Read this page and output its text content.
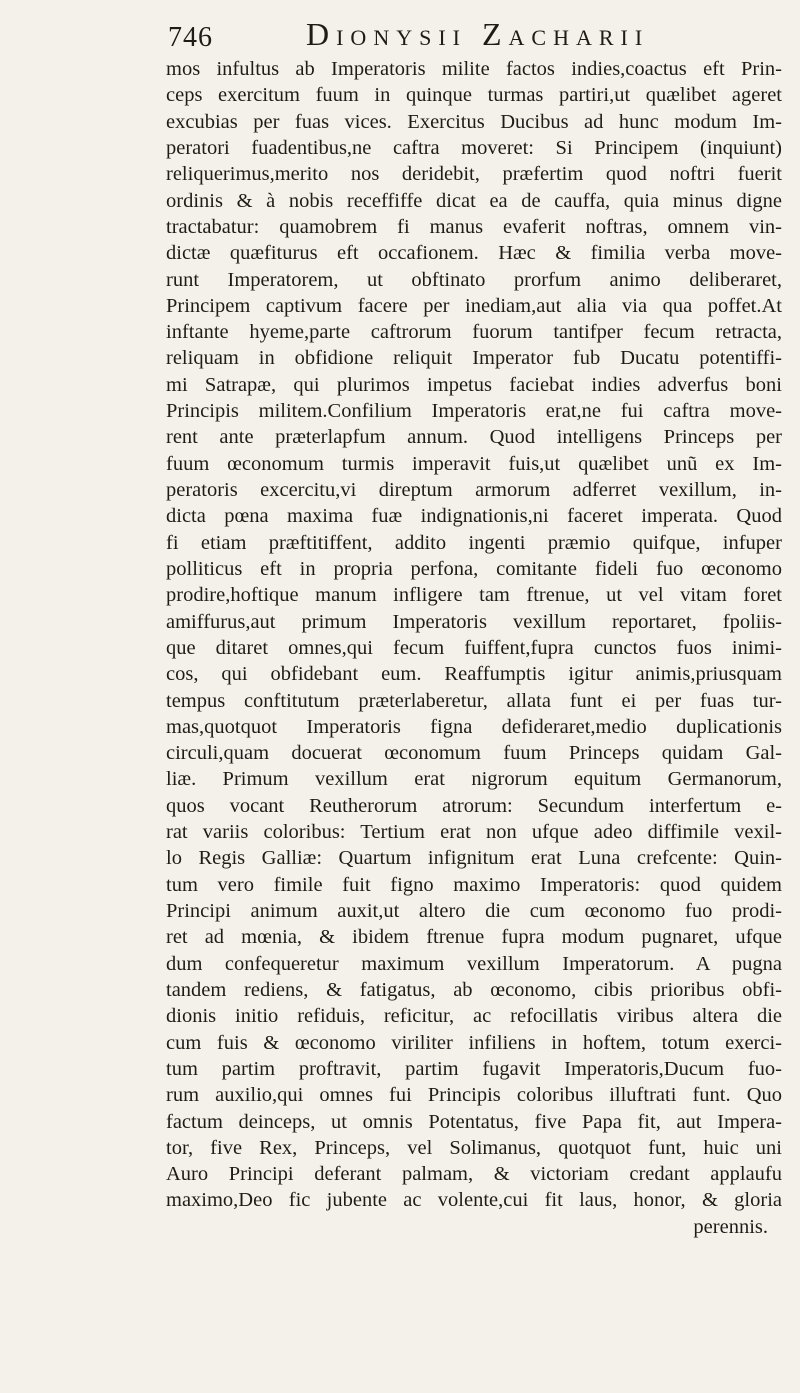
746	Dionysii Zacharii
mos infultus ab Imperatoris milite factos indies,coactus eft Prin-
ceps exercitum fuum in quinque turmas partiri,ut quælibet ageret
excubias per fuas vices. Exercitus Ducibus ad hunc modum Im-
peratori fuadentibus,ne caftra moveret: Si Principem (inquiunt)
reliquerimus,merito nos deridebit, præfertim quod noftri fuerit
ordinis & à nobis receffiffe dicat ea de cauffa, quia minus digne
tractabatur: quamobrem fi manus evaferit noftras, omnem vin-
dictæ quæfiturus eft occafionem. Hæc & fimilia verba move-
runt Imperatorem, ut obftinato prorfum animo deliberaret,
Principem captivum facere per inediam,aut alia via qua poffet.At
inftante hyeme,parte caftrorum fuorum tantifper fecum retracta,
reliquam in obfidione reliquit Imperator fub Ducatu potentiffi-
mi Satrapæ, qui plurimos impetus faciebat indies adverfus boni
Principis militem.Confilium Imperatoris erat,ne fui caftra move-
rent ante præterlapfum annum. Quod intelligens Princeps per
fuum œconomum turmis imperavit fuis,ut quælibet unũ ex Im-
peratoris excercitu,vi direptum armorum adferret vexillum, in-
dicta pœna maxima fuæ indignationis,ni faceret imperata. Quod
fi etiam præftitiffent, addito ingenti præmio quifque, infuper
polliticus eft in propria perfona, comitante fideli fuo œconomo
prodire,hoftique manum infligere tam ftrenue, ut vel vitam foret
amiffurus,aut primum Imperatoris vexillum reportaret, fpoliis-
que ditaret omnes,qui fecum fuiffent,fupra cunctos fuos inimi-
cos, qui obfidebant eum. Reaffumptis igitur animis,priusquam
tempus conftitutum præterlaberetur, allata funt ei per fuas tur-
mas,quotquot Imperatoris figna defideraret,medio duplicationis
circuli,quam docuerat œconomum fuum Princeps quidam Gal-
liæ. Primum vexillum erat nigrorum equitum Germanorum,
quos vocant Reutherorum atrorum: Secundum interfertum e-
rat variis coloribus: Tertium erat non ufque adeo diffimile vexil-
lo Regis Galliæ: Quartum infignitum erat Luna crefcente: Quin-
tum vero fimile fuit figno maximo Imperatoris: quod quidem
Principi animum auxit,ut altero die cum œconomo fuo prodi-
ret ad mœnia, & ibidem ftrenue fupra modum pugnaret, ufque
dum confequeretur maximum vexillum Imperatorum. A pugna
tandem rediens, & fatigatus, ab œconomo, cibis prioribus obfi-
dionis initio refiduis, reficitur, ac refocillatis viribus altera die
cum fuis & œconomo viriliter infiliens in hoftem, totum exerci-
tum partim proftravit, partim fugavit Imperatoris,Ducum fuo-
rum auxilio,qui omnes fui Principis coloribus illuftrati funt. Quo
factum deinceps, ut omnis Potentatus, five Papa fit, aut Impera-
tor, five Rex, Princeps, vel Solimanus, quotquot funt, huic uni
Auro Principi deferant palmam, & victoriam credant applaufu
maximo,Deo fic jubente ac volente,cui fit laus, honor, & gloria
perennis.
